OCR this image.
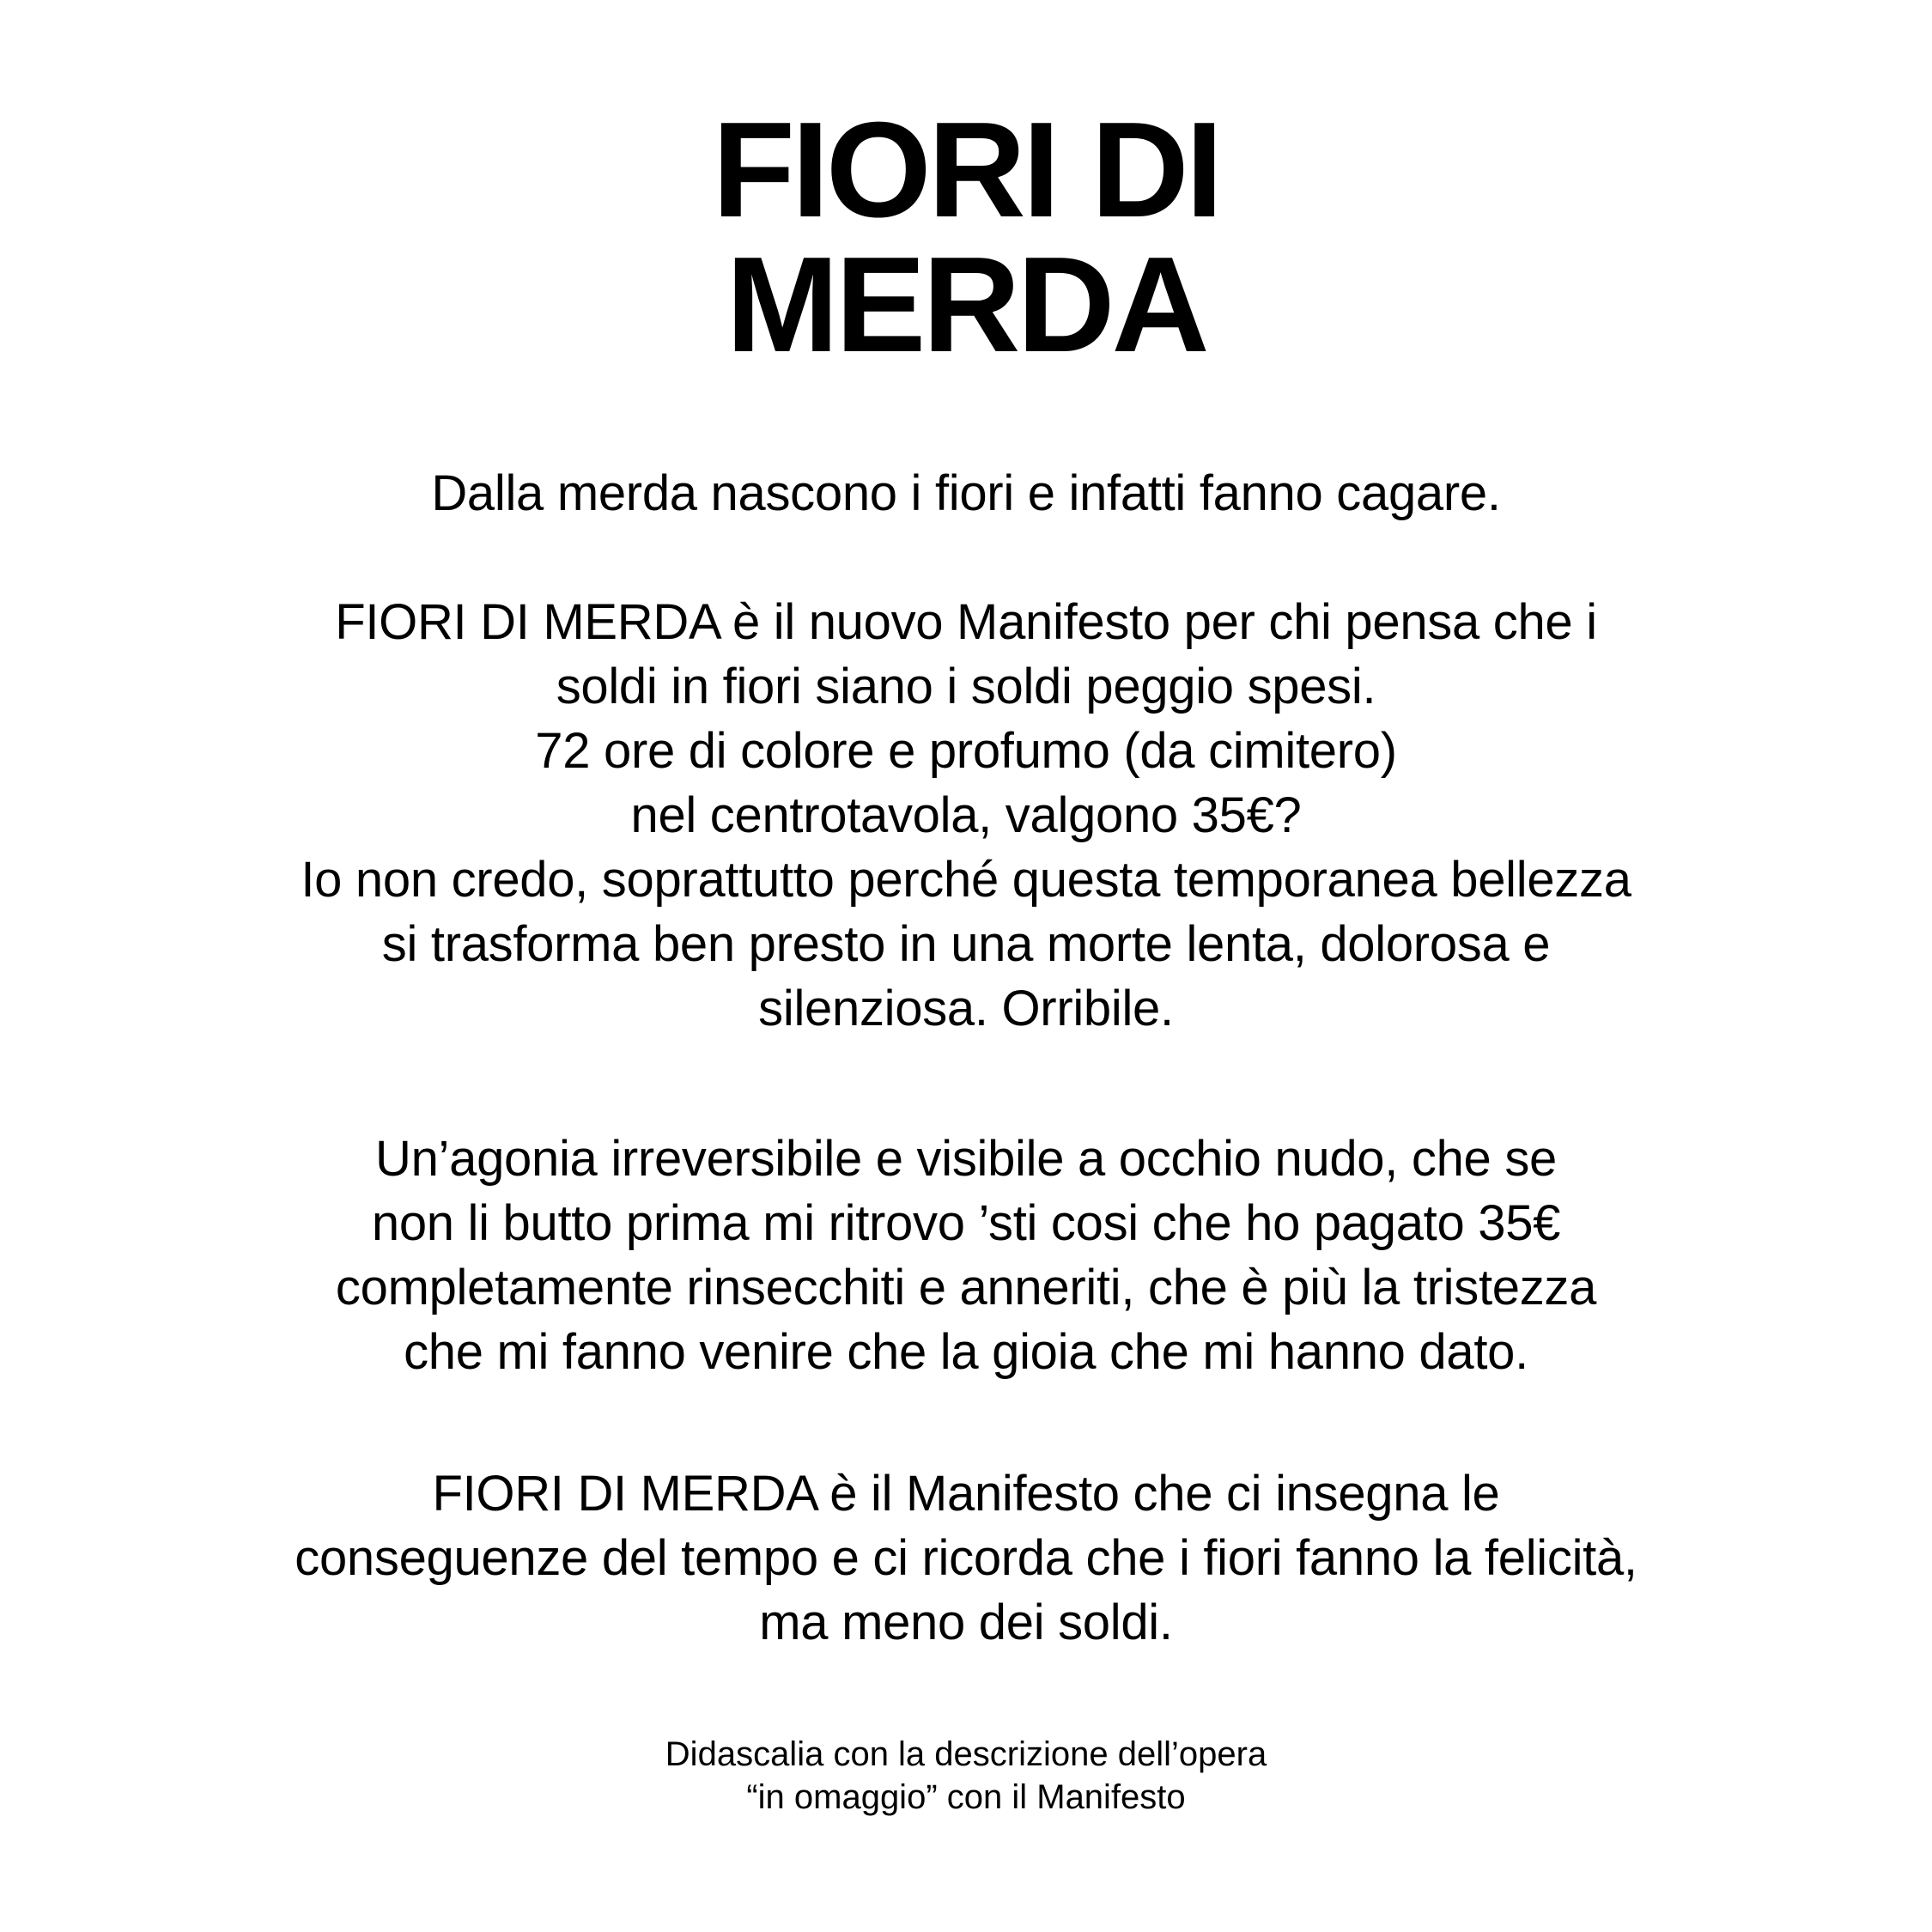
FIORI DI
MERDA

Dalla merda nascono i fiori e infatti fanno cagare.

FIORI DI MERDA è il nuovo Manifesto per chi pensa che i
soldi in fiori siano i soldi peggio spesi.
72 ore di colore e profumo (da cimitero)
nel centrotavola, valgono 35€?
Io non credo, soprattutto perché questa temporanea bellezza
si trasforma ben presto in una morte lenta, dolorosa e
silenziosa. Orribile.

Un’agonia irreversibile e visibile a occhio nudo, che se
non li butto prima mi ritrovo ’sti cosi che ho pagato 35€
completamente rinsecchiti e anneriti, che è più la tristezza
che mi fanno venire che la gioia che mi hanno dato.

FIORI DI MERDA è il Manifesto che ci insegna le
conseguenze del tempo e ci ricorda che i fiori fanno la felicità,
ma meno dei soldi.

Didascalia con la descrizione dell’opera
“in omaggio” con il Manifesto
